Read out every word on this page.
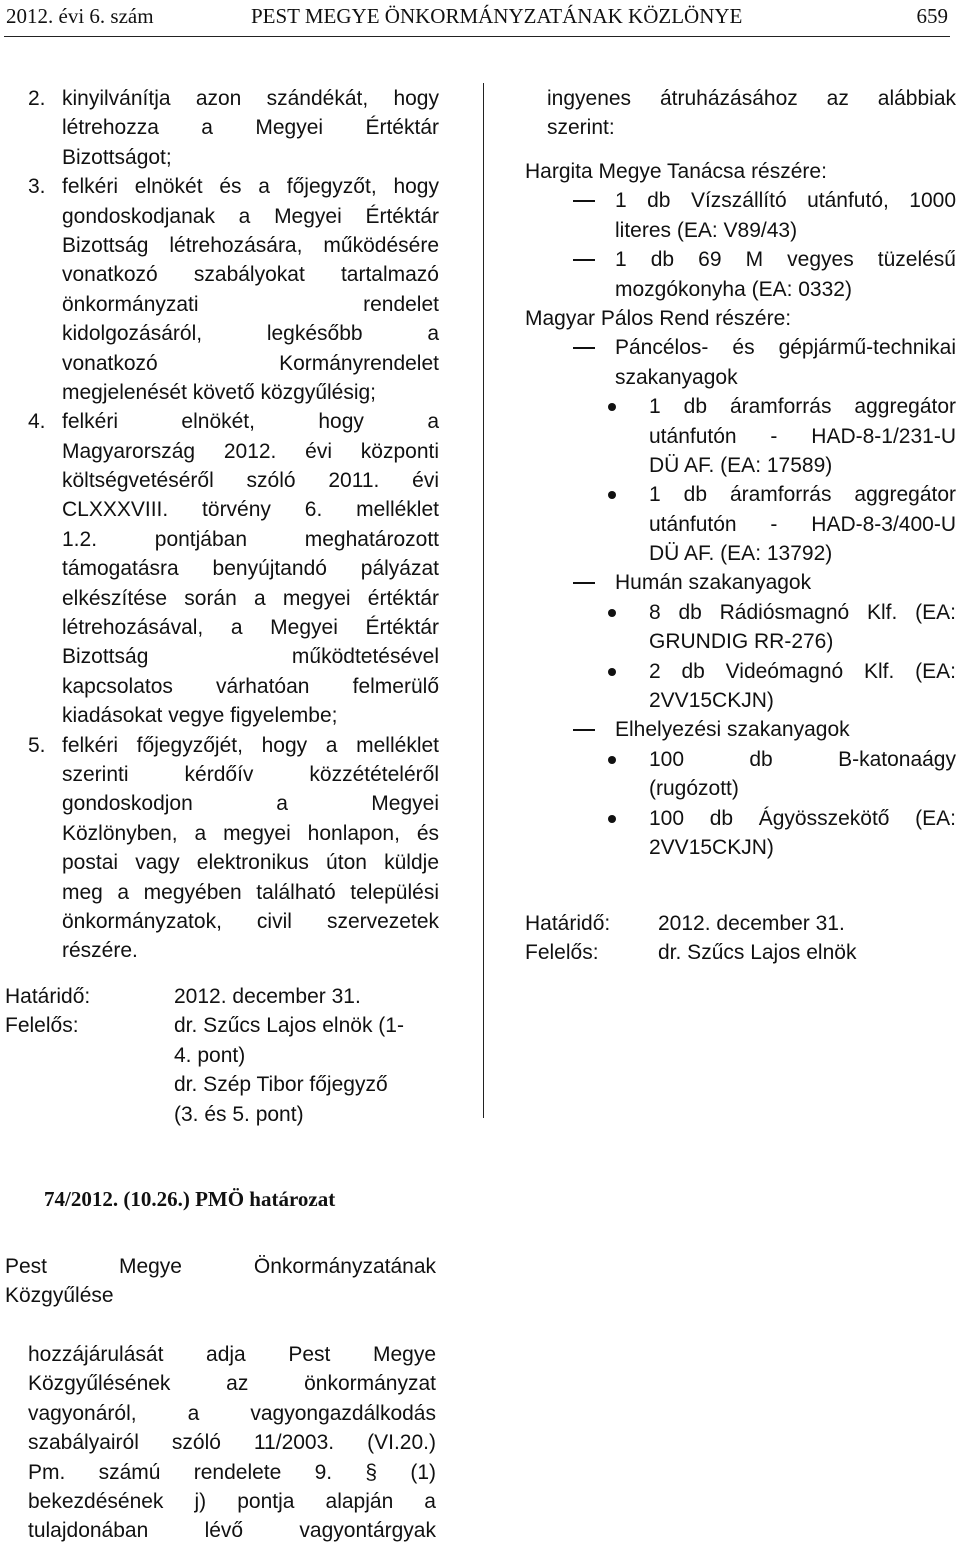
2012. évi 6. szám	PEST MEGYE ÖNKORMÁNYZATÁNAK KÖZLÖNYE	659
2. kinyilvánítja azon szándékát, hogy
létrehozza a Megyei Értéktár
Bizottságot;
3. felkéri elnökét és a főjegyzőt, hogy
gondoskodjanak a Megyei Értéktár
Bizottság létrehozására, működésére
vonatkozó szabályokat tartalmazó
önkormányzati rendelet
kidolgozásáról, legkésőbb a
vonatkozó Kormányrendelet
megjelenését követő közgyűlésig;
4. felkéri elnökét, hogy a
Magyarország 2012. évi központi
költségvetéséről szóló 2011. évi
CLXXXVIII. törvény 6. melléklet
1.2. pontjában meghatározott
támogatásra benyújtandó pályázat
elkészítése során a megyei értéktár
létrehozásával, a Megyei Értéktár
Bizottság működtetésével
kapcsolatos várhatóan felmerülő
kiadásokat vegye figyelembe;
5. felkéri főjegyzőjét, hogy a melléklet
szerinti kérdőív közzétételéről
gondoskodjon a Megyei
Közlönyben, a megyei honlapon, és
postai vagy elektronikus úton küldje
meg a megyében található települési
önkormányzatok, civil szervezetek
részére.
Határidő:	2012. december 31.
Felelős:	dr. Szűcs Lajos elnök (1-
4. pont)
dr. Szép Tibor főjegyző
(3. és 5. pont)
74/2012. (10.26.) PMÖ határozat
Pest Megye Önkormányzatának
Közgyűlése
hozzájárulását adja Pest Megye
Közgyűlésének az önkormányzat
vagyonáról, a vagyongazdálkodás
szabályairól szóló 11/2003. (VI.20.)
Pm. számú rendelete 9. § (1)
bekezdésének j) pontja alapján a
tulajdonában lévő vagyontárgyak
ingyenes átruházásához az alábbiak
szerint:
Hargita Megye Tanácsa részére:
1 db Vízszállító utánfutó, 1000
literes (EA: V89/43)
1 db 69 M vegyes tüzelésű
mozgókonyha (EA: 0332)
Magyar Pálos Rend részére:
Páncélos- és gépjármű-technikai
szakanyagok
1 db áramforrás aggregátor
utánfutón - HAD-8-1/231-U
DÜ AF. (EA: 17589)
1 db áramforrás aggregátor
utánfutón - HAD-8-3/400-U
DÜ AF. (EA: 13792)
Humán szakanyagok
8 db Rádiósmagnó Klf. (EA:
GRUNDIG RR-276)
2 db Videómagnó Klf. (EA:
2VV15CKJN)
Elhelyezési szakanyagok
100 db B-katonaágy
(rugózott)
100 db Ágyösszekötő (EA:
2VV15CKJN)
Határidő: 2012. december 31.
Felelős:	dr. Szűcs Lajos elnök
